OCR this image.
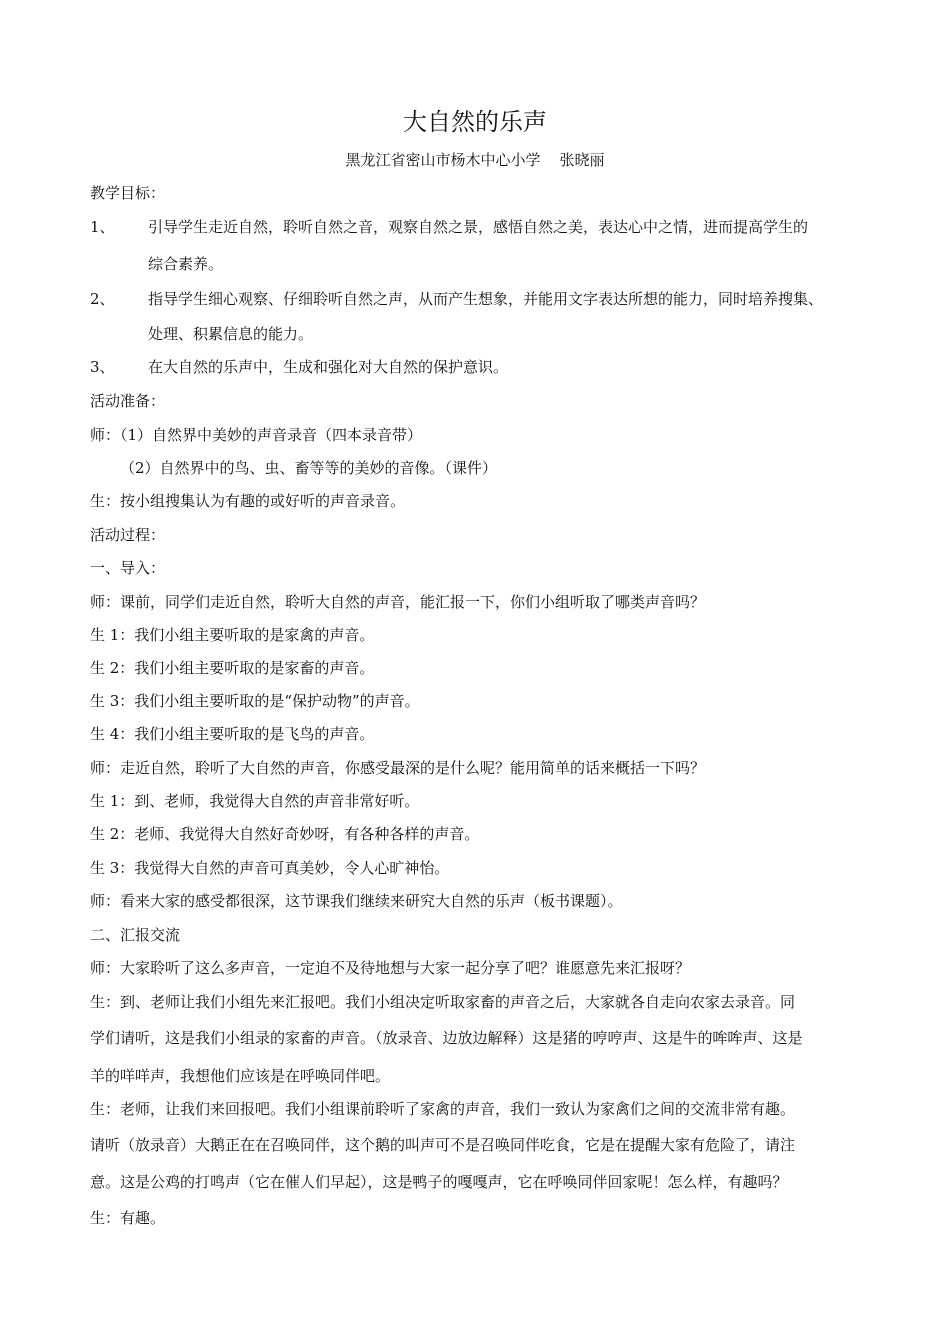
大自然的乐声
黑龙江省密山市杨木中心小学    张晓丽
教学目标：
1、 引导学生走近自然，聆听自然之音，观察自然之景，感悟自然之美，表达心中之情，进而提高学生的
综合素养。
2、 指导学生细心观察、仔细聆听自然之声，从而产生想象，并能用文字表达所想的能力，同时培养搜集、
处理、积累信息的能力。
3、 在大自然的乐声中，生成和强化对大自然的保护意识。
活动准备：
师：（1）自然界中美妙的声音录音（四本录音带）
（2）自然界中的鸟、虫、畜等等的美妙的音像。（课件）
生：按小组搜集认为有趣的或好听的声音录音。
活动过程：
一、导入：
师：课前，同学们走近自然，聆听大自然的声音，能汇报一下，你们小组听取了哪类声音吗？
生 1：我们小组主要听取的是家禽的声音。
生 2：我们小组主要听取的是家畜的声音。
生 3：我们小组主要听取的是“保护动物”的声音。
生 4：我们小组主要听取的是飞鸟的声音。
师：走近自然，聆听了大自然的声音，你感受最深的是什么呢？能用简单的话来概括一下吗？
生 1：到、老师，我觉得大自然的声音非常好听。
生 2：老师、我觉得大自然好奇妙呀，有各种各样的声音。
生 3：我觉得大自然的声音可真美妙，令人心旷神怡。
师：看来大家的感受都很深，这节课我们继续来研究大自然的乐声（板书课题）。
二、汇报交流
师：大家聆听了这么多声音，一定迫不及待地想与大家一起分享了吧？谁愿意先来汇报呀？
生：到、老师让我们小组先来汇报吧。我们小组决定听取家畜的声音之后，大家就各自走向农家去录音。同
学们请听，这是我们小组录的家畜的声音。（放录音、边放边解释）这是猪的哼哼声、这是牛的哞哞声、这是
羊的咩咩声，我想他们应该是在呼唤同伴吧。
生：老师，让我们来回报吧。我们小组课前聆听了家禽的声音，我们一致认为家禽们之间的交流非常有趣。
请听（放录音）大鹅正在在召唤同伴，这个鹅的叫声可不是召唤同伴吃食，它是在提醒大家有危险了，请注
意。这是公鸡的打鸣声（它在催人们早起），这是鸭子的嘎嘎声，它在呼唤同伴回家呢！怎么样，有趣吗？
生：有趣。
